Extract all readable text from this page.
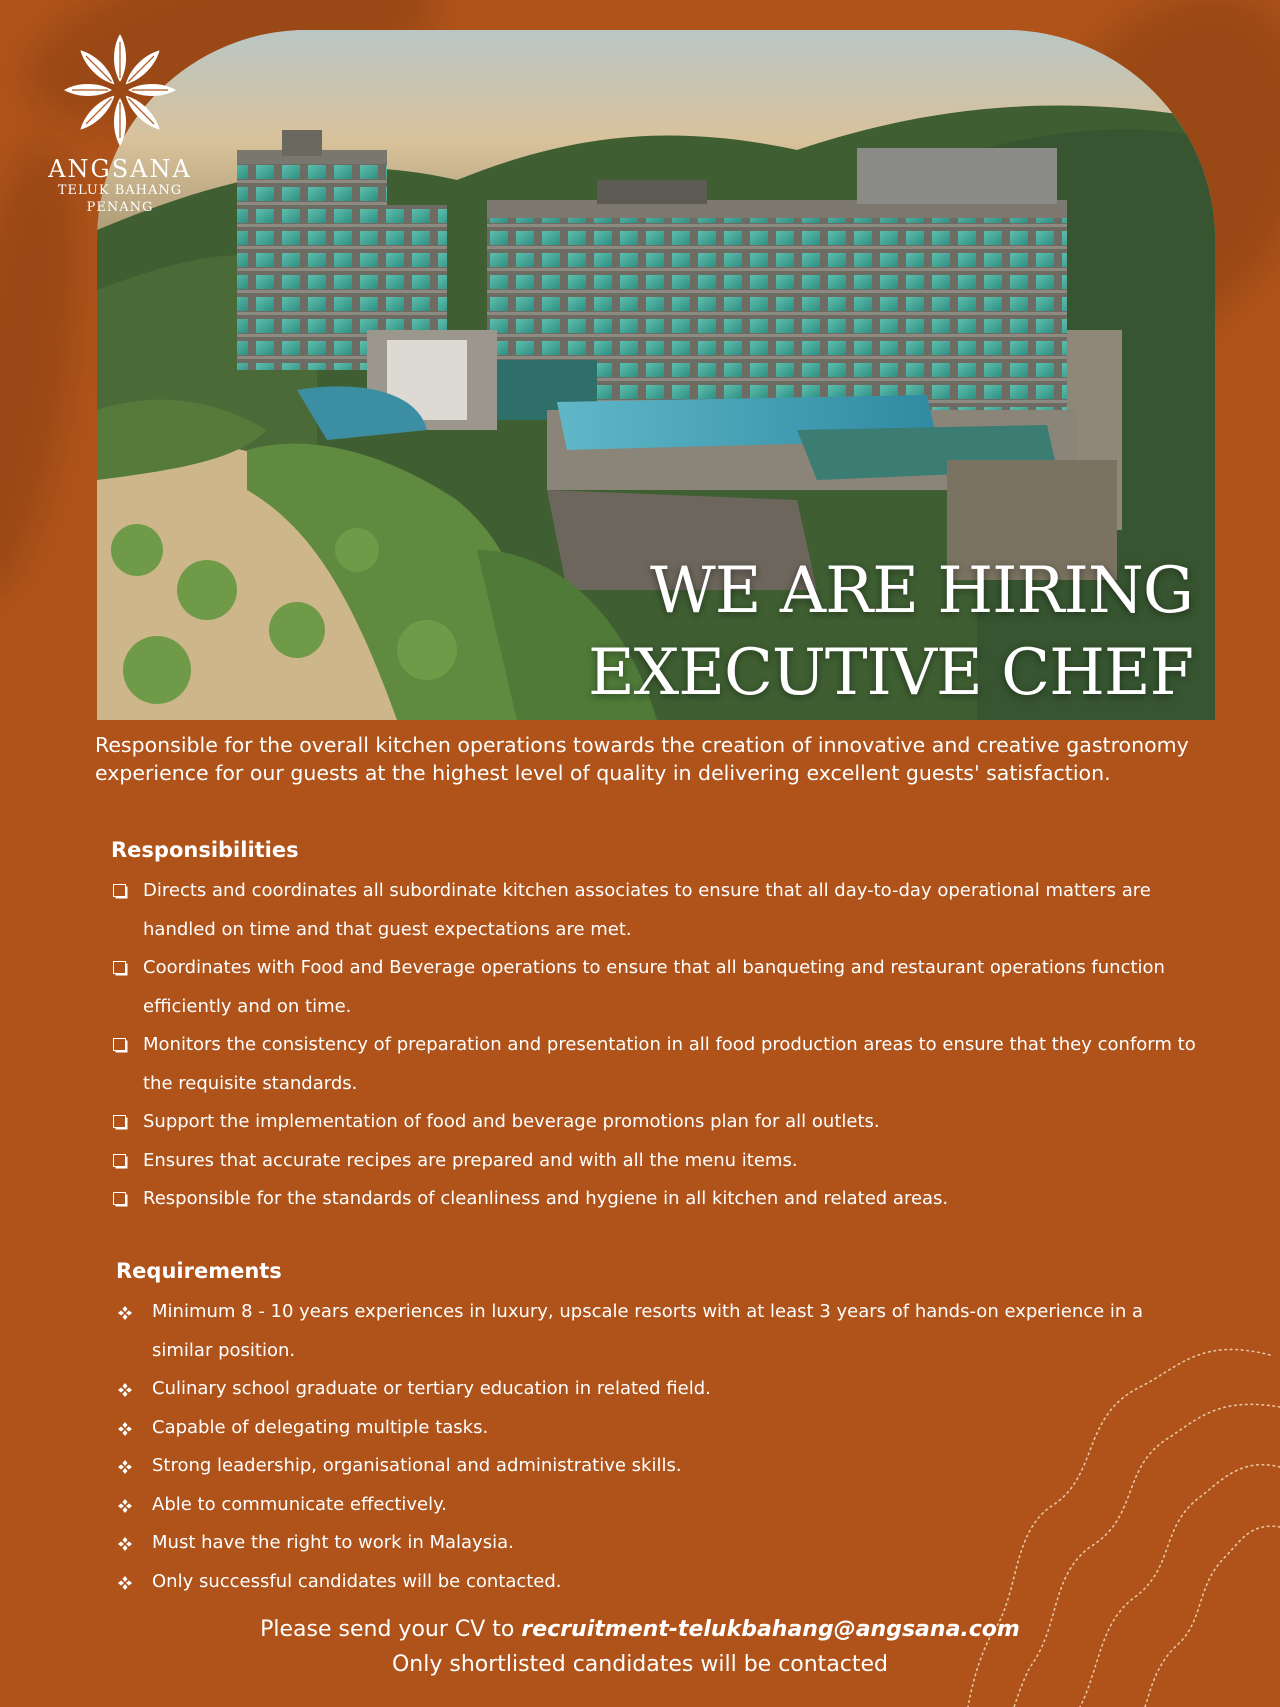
WE ARE HIRING
EXECUTIVE CHEF
ANGSANA
TELUK BAHANG
PENANG

Responsible for the overall kitchen operations towards the creation of innovative and creative gastronomy experience for our guests at the highest level of quality in delivering excellent guests' satisfaction.

Responsibilities
Directs and coordinates all subordinate kitchen associates to ensure that all day-to-day operational matters are handled on time and that guest expectations are met.
Coordinates with Food and Beverage operations to ensure that all banqueting and restaurant operations function efficiently and on time.
Monitors the consistency of preparation and presentation in all food production areas to ensure that they conform to the requisite standards.
Support the implementation of food and beverage promotions plan for all outlets.
Ensures that accurate recipes are prepared and with all the menu items.
Responsible for the standards of cleanliness and hygiene in all kitchen and related areas.
Requirements
Minimum 8 - 10 years experiences in luxury, upscale resorts with at least 3 years of hands-on experience in a similar position.
Culinary school graduate or tertiary education in related field.
Capable of delegating multiple tasks.
Strong leadership, organisational and administrative skills.
Able to communicate effectively.
Must have the right to work in Malaysia.
Only successful candidates will be contacted.

Please send your CV to recruitment-telukbahang@angsana.com

Only shortlisted candidates will be contacted
